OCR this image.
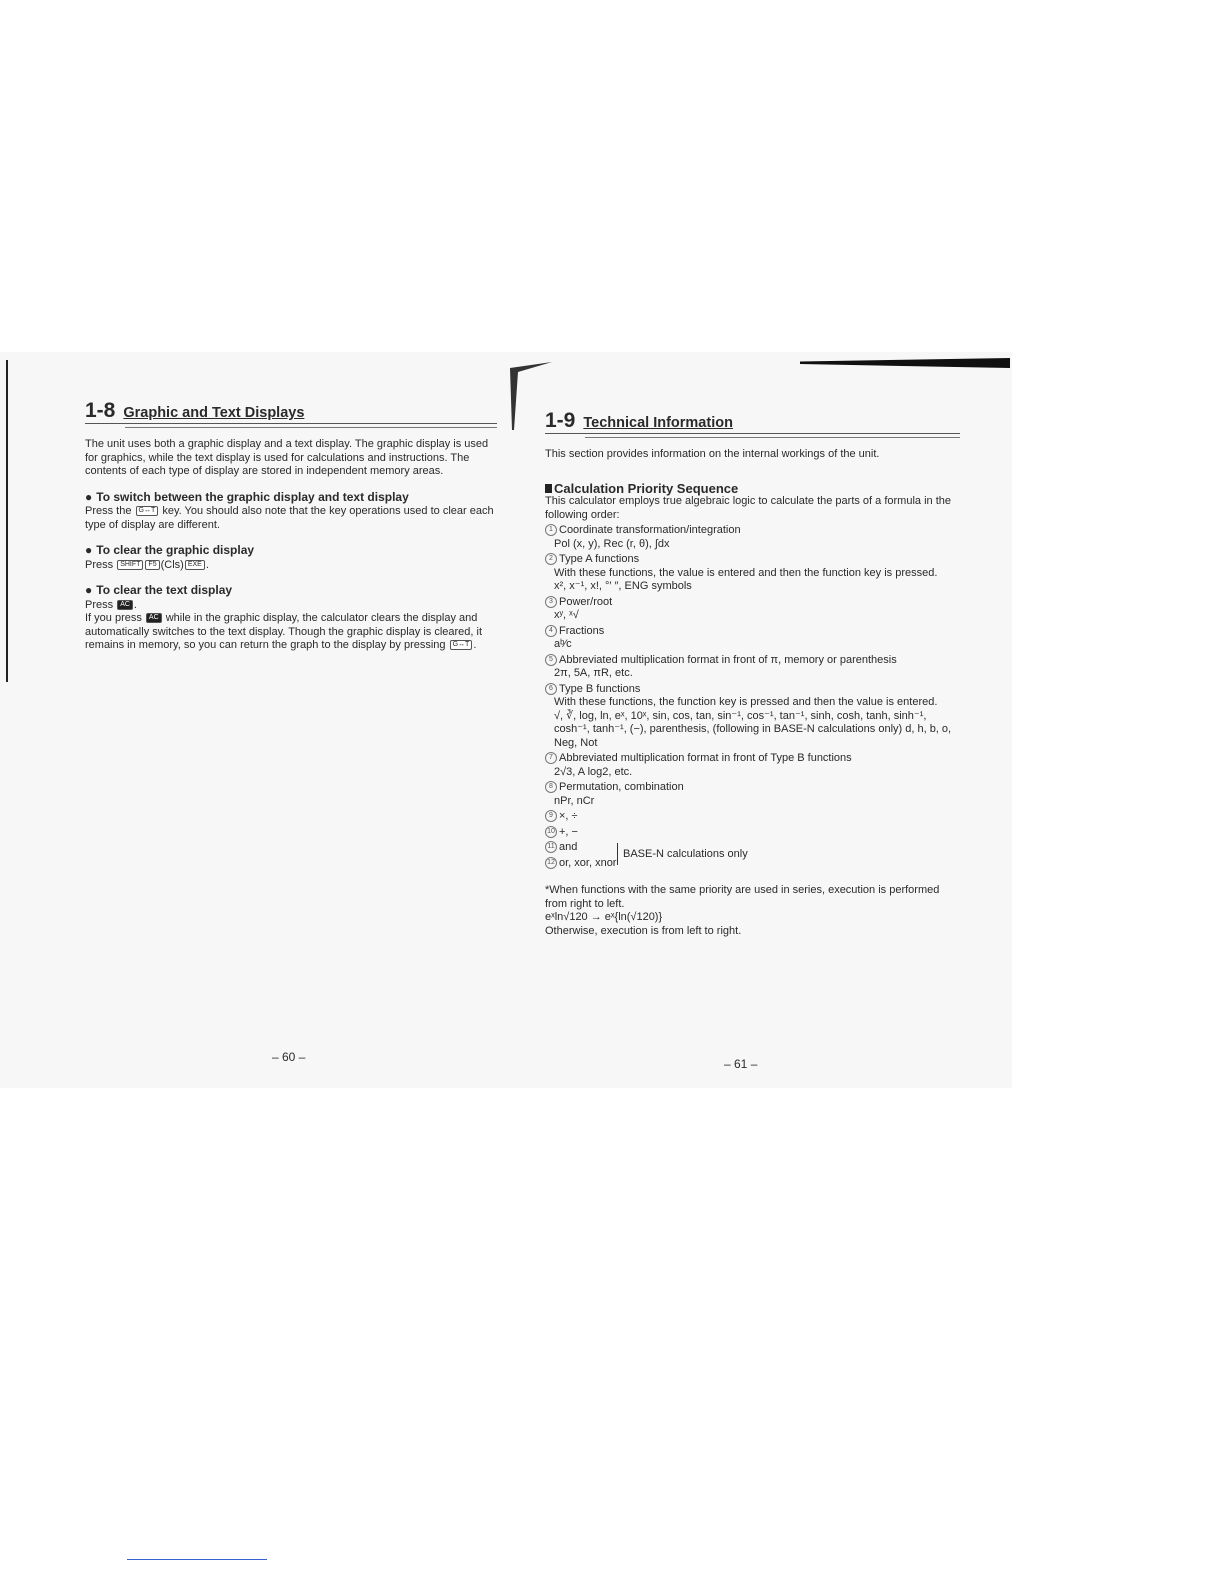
1-8 Graphic and Text Displays

The unit uses both a graphic display and a text display. The graphic display is used for graphics, while the text display is used for calculations and instructions. The contents of each type of display are stored in independent memory areas.

● To switch between the graphic display and text display

Press the G↔T key. You should also note that the key operations used to clear each type of display are different.

● To clear the graphic display

Press SHIFT F5 (Cls) EXE .

● To clear the text display

Press AC .

If you press AC while in the graphic display, the calculator clears the display and automatically switches to the text display. Though the graphic display is cleared, it remains in memory, so you can return the graph to the display by pressing G↔T .

– 60 –
1-9 Technical Information

This section provides information on the internal workings of the unit.

Calculation Priority Sequence

This calculator employs true algebraic logic to calculate the parts of a formula in the following order:

1 Coordinate transformation/integration
Pol (x, y), Rec (r, θ), ∫dx
2 Type A functions
With these functions, the value is entered and then the function key is pressed.
x², x⁻¹, x!, °′ ″, ENG symbols
3 Power/root
xʸ, ˣ√
4 Fractions
aᵇ⁄c
5 Abbreviated multiplication format in front of π, memory or parenthesis
2π, 5A, πR, etc.
6 Type B functions
With these functions, the function key is pressed and then the value is entered.
√, ∛, log, ln, eˣ, 10ˣ, sin, cos, tan, sin⁻¹, cos⁻¹, tan⁻¹, sinh, cosh, tanh, sinh⁻¹, cosh⁻¹, tanh⁻¹, (−), parenthesis, (following in BASE-N calculations only) d, h, b, o, Neg, Not
7 Abbreviated multiplication format in front of Type B functions
2√3, A log2, etc.
8 Permutation, combination
nPr, nCr
9 ×, ÷
10 +, −
11 and
12 or, xor, xnor
BASE-N calculations only

*When functions with the same priority are used in series, execution is performed from right to left.

eˣln√120 → eˣ{ln(√120)}

Otherwise, execution is from left to right.

– 61 –
